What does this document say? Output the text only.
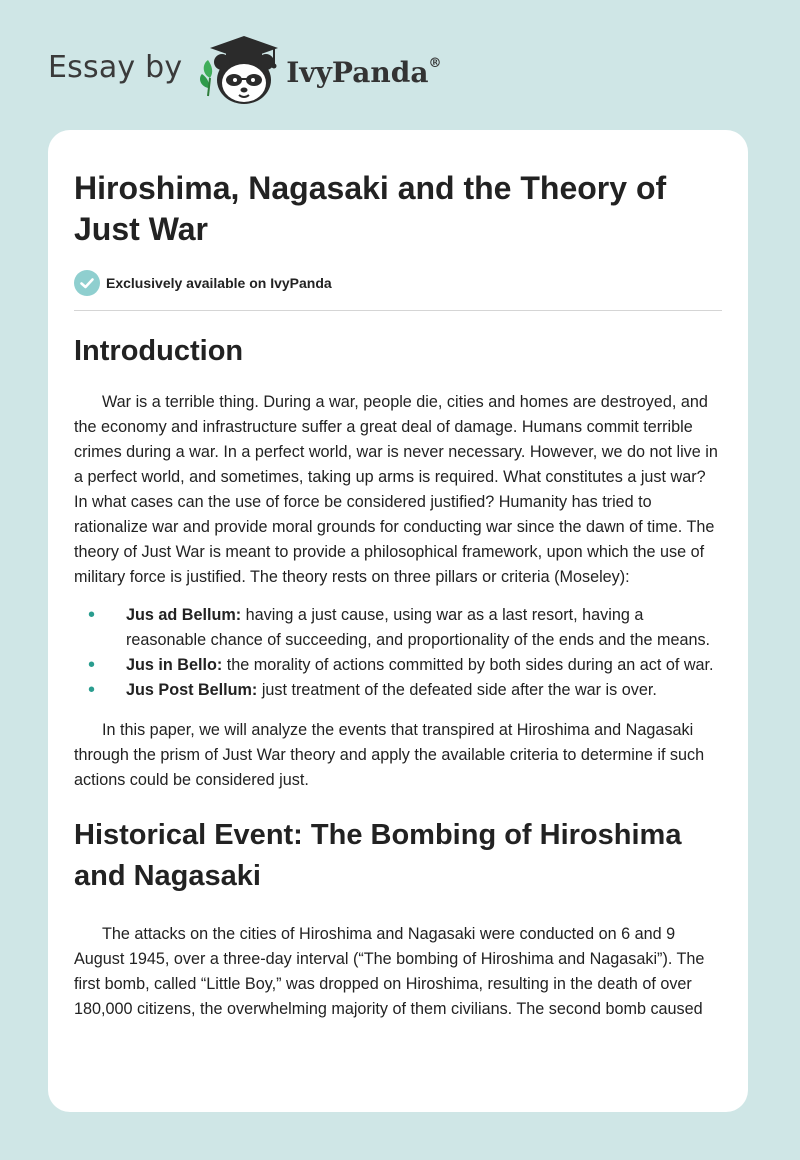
Essay by	IvyPanda®
Hiroshima, Nagasaki and the Theory of Just War
Exclusively available on IvyPanda
Introduction

War is a terrible thing. During a war, people die, cities and homes are destroyed, and the economy and infrastructure suffer a great deal of damage. Humans commit terrible crimes during a war. In a perfect world, war is never necessary. However, we do not live in a perfect world, and sometimes, taking up arms is required. What constitutes a just war? In what cases can the use of force be considered justified? Humanity has tried to rationalize war and provide moral grounds for conducting war since the dawn of time. The theory of Just War is meant to provide a philosophical framework, upon which the use of military force is justified. The theory rests on three pillars or criteria (Moseley):

• Jus ad Bellum: having a just cause, using war as a last resort, having a reasonable chance of succeeding, and proportionality of the ends and the means.
• Jus in Bello: the morality of actions committed by both sides during an act of war.
• Jus Post Bellum: just treatment of the defeated side after the war is over.

In this paper, we will analyze the events that transpired at Hiroshima and Nagasaki through the prism of Just War theory and apply the available criteria to determine if such actions could be considered just.

Historical Event: The Bombing of Hiroshima and Nagasaki

The attacks on the cities of Hiroshima and Nagasaki were conducted on 6 and 9 August 1945, over a three-day interval (“The bombing of Hiroshima and Nagasaki”). The first bomb, called “Little Boy,” was dropped on Hiroshima, resulting in the death of over 180,000 citizens, the overwhelming majority of them civilians. The second bomb caused
